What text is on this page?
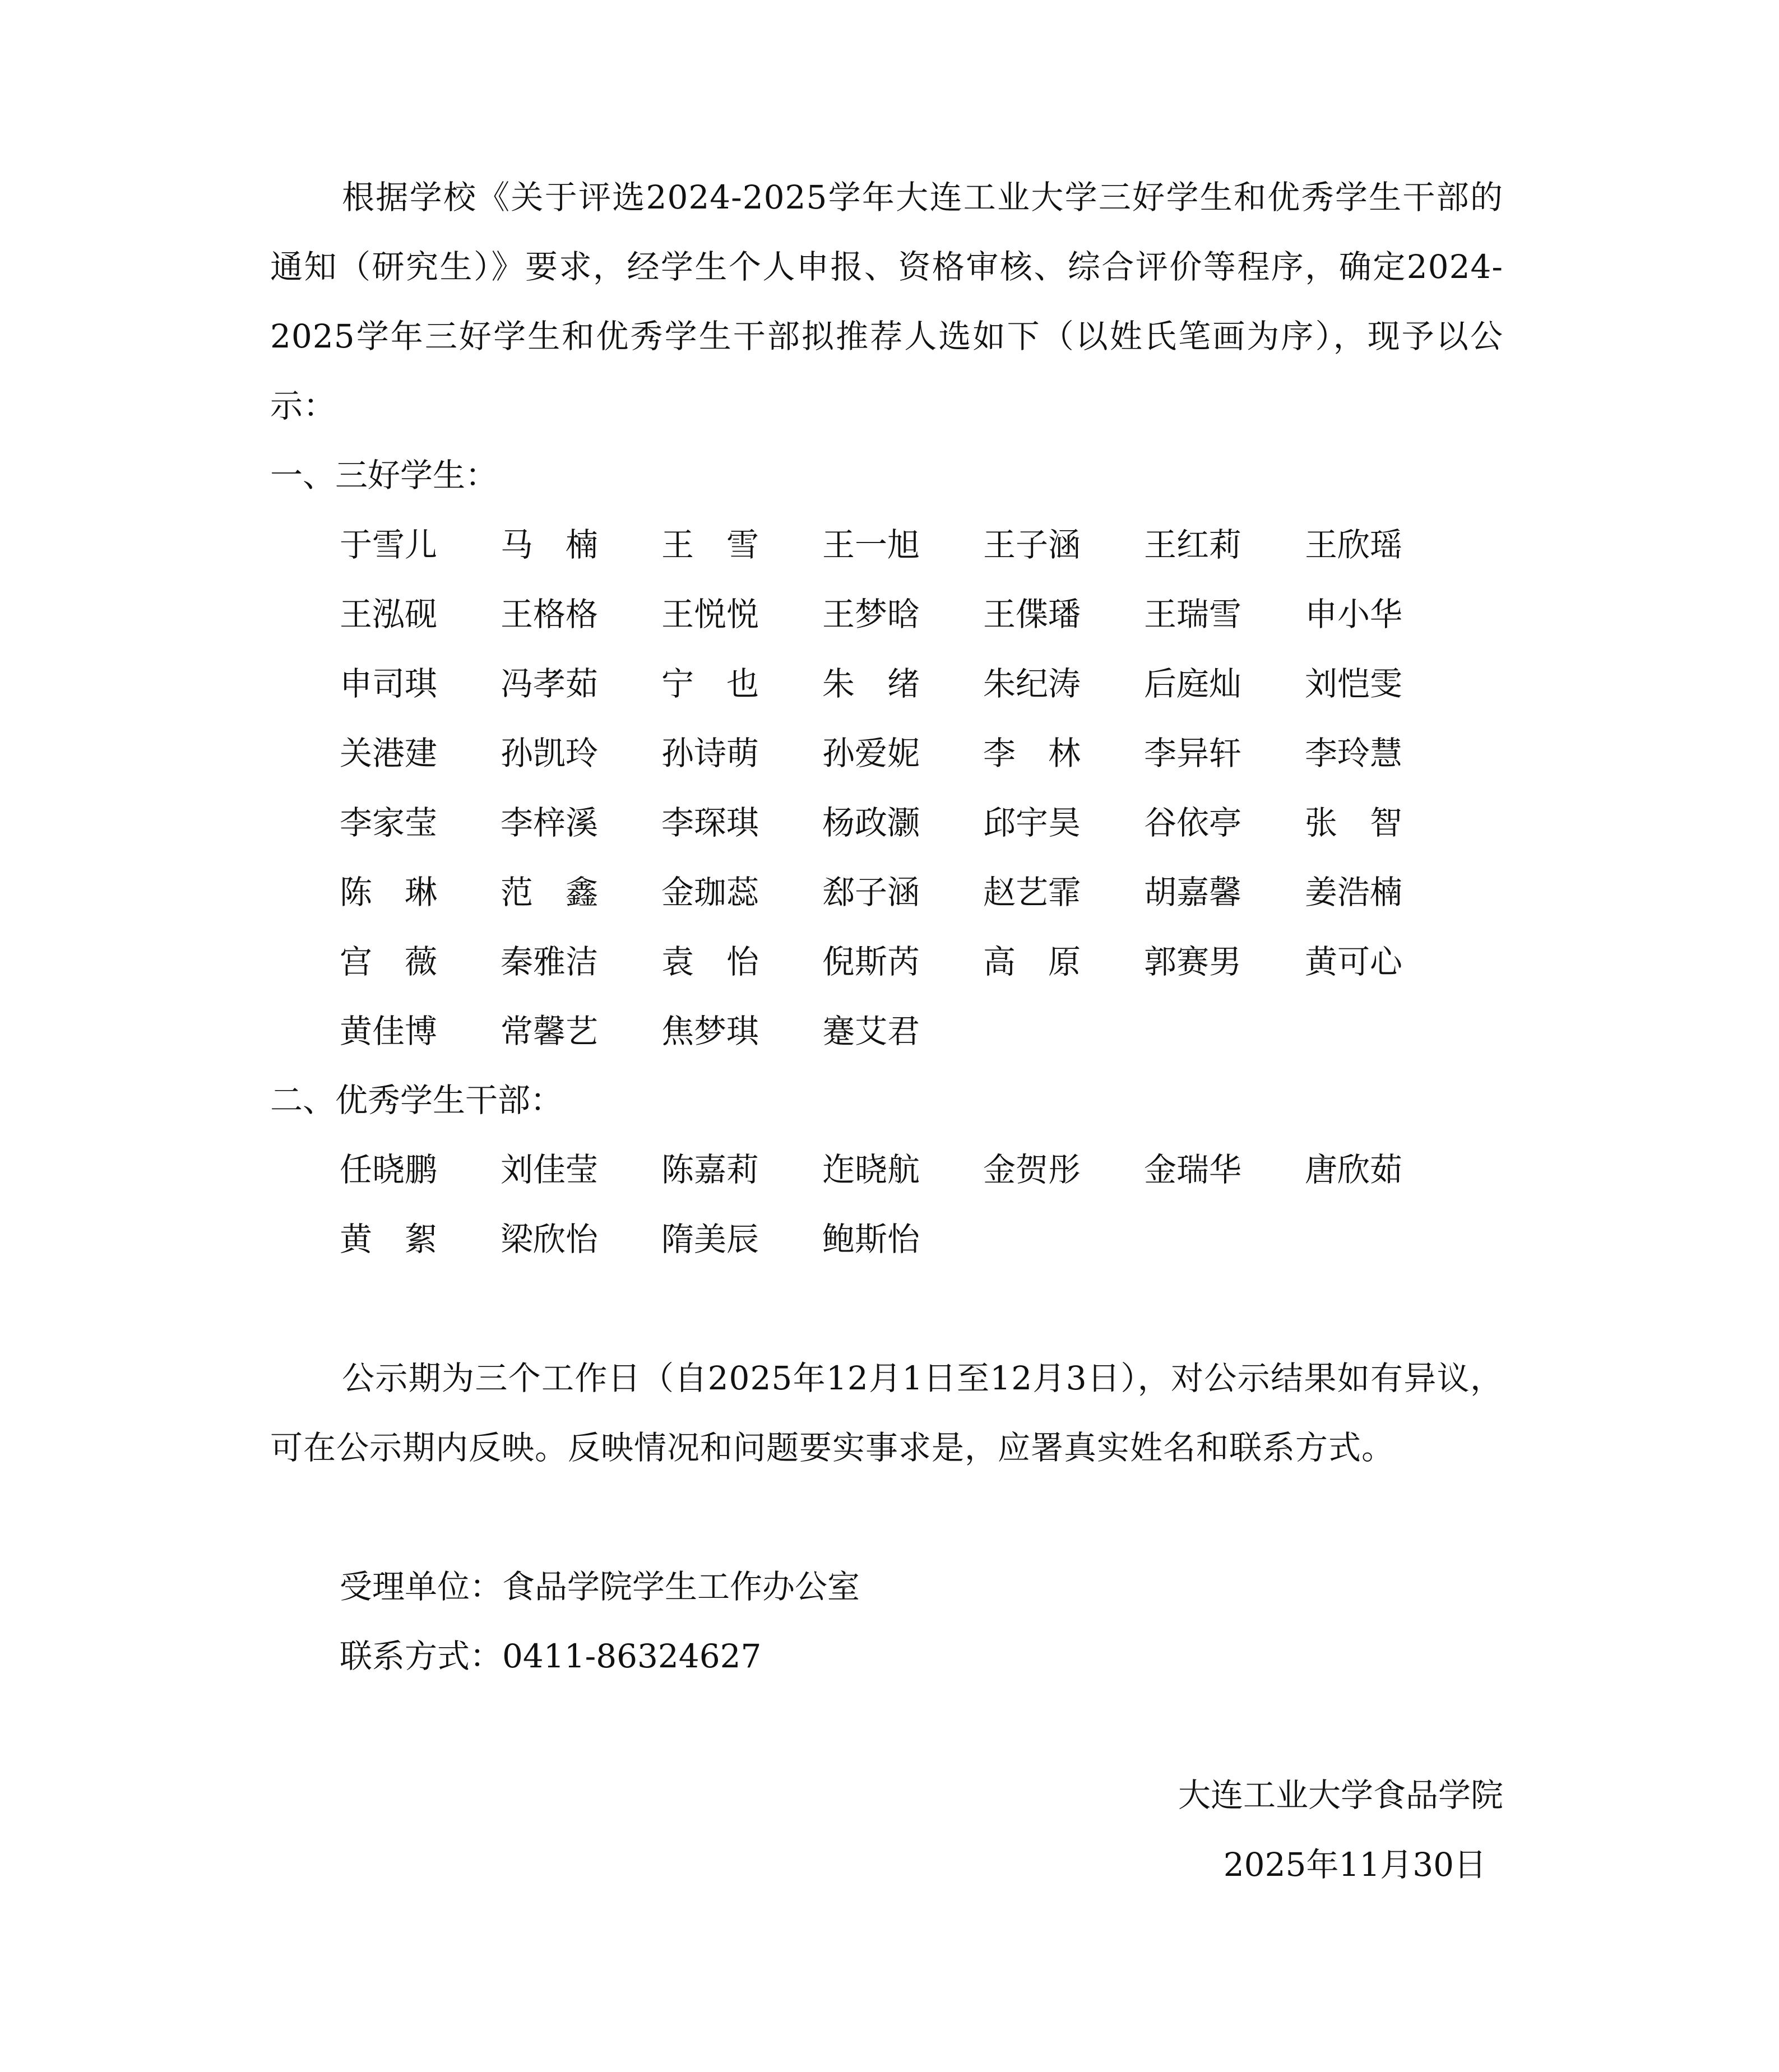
根据学校《关于评选2024-2025学年大连工业大学三好学生和优秀学生干部的通知（研究生）》要求，经学生个人申报、资格审核、综合评价等程序，确定2024-2025学年三好学生和优秀学生干部拟推荐人选如下（以姓氏笔画为序），现予以公示：
一、三好学生：
于雪儿	马　楠	王　雪	王一旭	王子涵	王红莉	王欣瑶
王泓砚	王格格	王悦悦	王梦晗	王偞璠	王瑞雪	申小华
申司琪	冯孝茹	宁　也	朱　绪	朱纪涛	后庭灿	刘恺雯
关港建	孙凯玲	孙诗萌	孙爱妮	李　林	李异轩	李玲慧
李家莹	李梓溪	李琛琪	杨政灏	邱宇昊	谷依亭	张　智
陈　琳	范　鑫	金珈蕊	郄子涵	赵艺霏	胡嘉馨	姜浩楠
宫　薇	秦雅洁	袁　怡	倪斯芮	高　原	郭赛男	黄可心
黄佳博	常馨艺	焦梦琪	蹇艾君
二、优秀学生干部：
任晓鹏	刘佳莹	陈嘉莉	迮晓航	金贺彤	金瑞华	唐欣茹
黄　絮	梁欣怡	隋美辰	鲍斯怡
公示期为三个工作日（自2025年12月1日至12月3日），对公示结果如有异议，可在公示期内反映。反映情况和问题要实事求是，应署真实姓名和联系方式。
受理单位：食品学院学生工作办公室
联系方式：0411-86324627
大连工业大学食品学院
2025年11月30日
